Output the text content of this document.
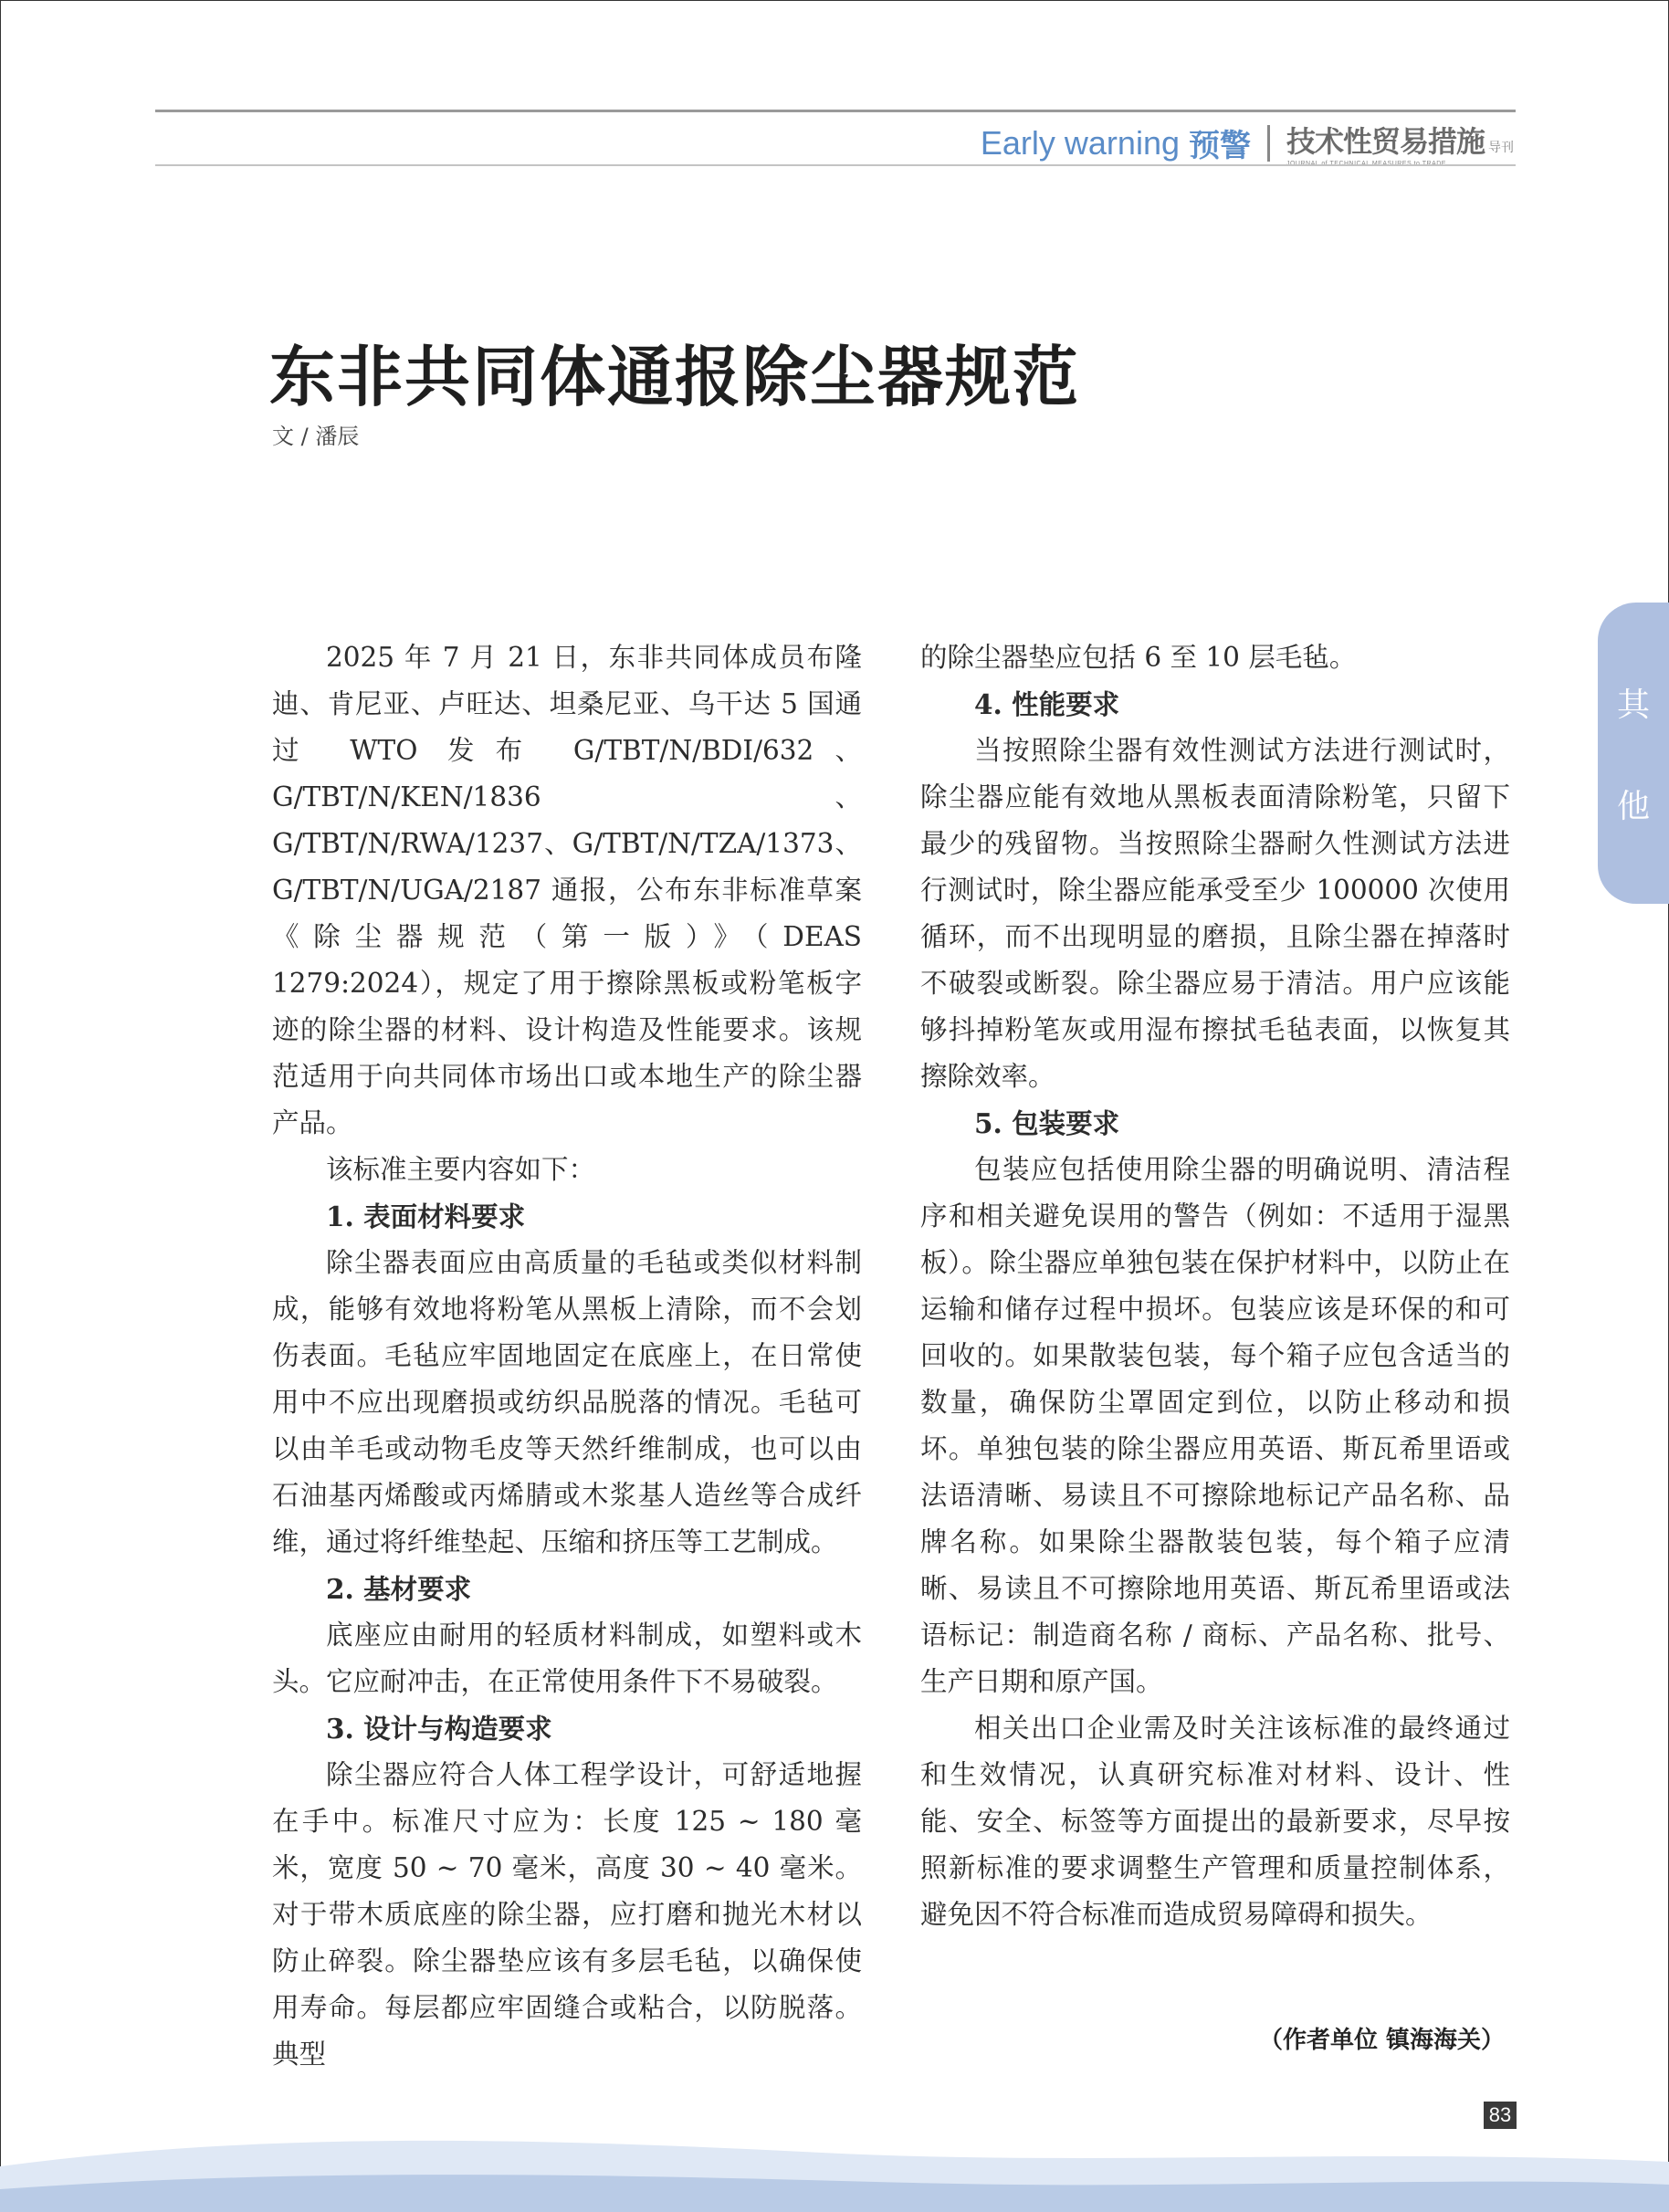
Early warning 预警 技术性贸易措施 导刊
东非共同体通报除尘器规范
文 / 潘辰
其
他

2025 年 7 月 21 日，东非共同体成员布隆迪、肯尼亚、卢旺达、坦桑尼亚、乌干达 5 国通过 WTO 发布 G/TBT/N/BDI/632、G/TBT/N/KEN/1836、G/TBT/N/RWA/1237、G/TBT/N/TZA/1373、G/TBT/N/UGA/2187 通报，公布东非标准草案《除尘器规范（第一版）》（DEAS 1279:2024），规定了用于擦除黑板或粉笔板字迹的除尘器的材料、设计构造及性能要求。该规范适用于向共同体市场出口或本地生产的除尘器产品。

该标准主要内容如下：

1. 表面材料要求

除尘器表面应由高质量的毛毡或类似材料制成，能够有效地将粉笔从黑板上清除，而不会划伤表面。毛毡应牢固地固定在底座上，在日常使用中不应出现磨损或纺织品脱落的情况。毛毡可以由羊毛或动物毛皮等天然纤维制成，也可以由石油基丙烯酸或丙烯腈或木浆基人造丝等合成纤维，通过将纤维垫起、压缩和挤压等工艺制成。

2. 基材要求

底座应由耐用的轻质材料制成，如塑料或木头。它应耐冲击，在正常使用条件下不易破裂。

3. 设计与构造要求

除尘器应符合人体工程学设计，可舒适地握在手中。标准尺寸应为：长度 125 ~ 180 毫米，宽度 50 ~ 70 毫米，高度 30 ~ 40 毫米。对于带木质底座的除尘器，应打磨和抛光木材以防止碎裂。除尘器垫应该有多层毛毡，以确保使用寿命。每层都应牢固缝合或粘合，以防脱落。典型

的除尘器垫应包括 6 至 10 层毛毡。

4. 性能要求

当按照除尘器有效性测试方法进行测试时，除尘器应能有效地从黑板表面清除粉笔，只留下最少的残留物。当按照除尘器耐久性测试方法进行测试时，除尘器应能承受至少 100000 次使用循环，而不出现明显的磨损，且除尘器在掉落时不破裂或断裂。除尘器应易于清洁。用户应该能够抖掉粉笔灰或用湿布擦拭毛毡表面，以恢复其擦除效率。

5. 包装要求

包装应包括使用除尘器的明确说明、清洁程序和相关避免误用的警告（例如：不适用于湿黑板）。除尘器应单独包装在保护材料中，以防止在运输和储存过程中损坏。包装应该是环保的和可回收的。如果散装包装，每个箱子应包含适当的数量，确保防尘罩固定到位，以防止移动和损坏。单独包装的除尘器应用英语、斯瓦希里语或法语清晰、易读且不可擦除地标记产品名称、品牌名称。如果除尘器散装包装，每个箱子应清晰、易读且不可擦除地用英语、斯瓦希里语或法语标记：制造商名称 / 商标、产品名称、批号、生产日期和原产国。

相关出口企业需及时关注该标准的最终通过和生效情况，认真研究标准对材料、设计、性能、安全、标签等方面提出的最新要求，尽早按照新标准的要求调整生产管理和质量控制体系，避免因不符合标准而造成贸易障碍和损失。

（作者单位 镇海海关）
83
